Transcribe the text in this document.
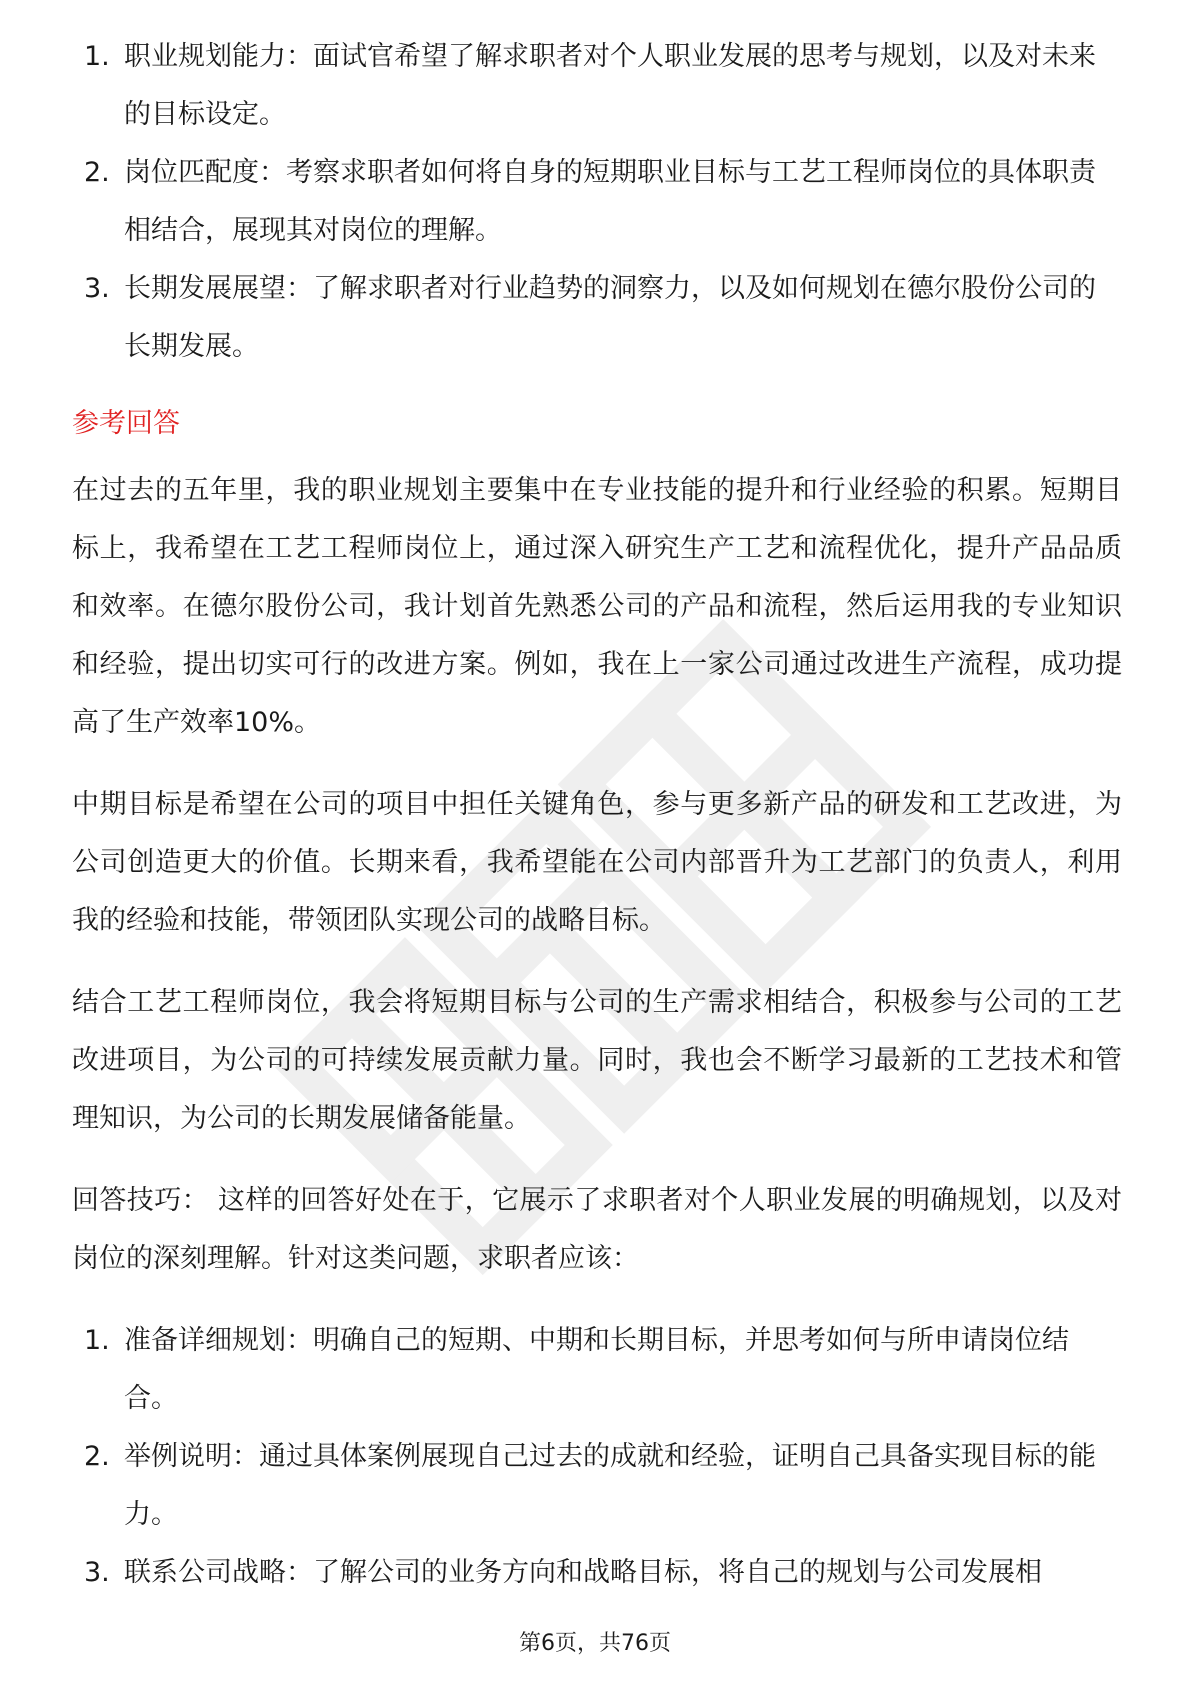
1. 职业规划能力：面试官希望了解求职者对个人职业发展的思考与规划，以及对未来的目标设定。
2. 岗位匹配度：考察求职者如何将自身的短期职业目标与工艺工程师岗位的具体职责相结合，展现其对岗位的理解。
3. 长期发展展望：了解求职者对行业趋势的洞察力，以及如何规划在德尔股份公司的长期发展。
参考回答

在过去的五年里，我的职业规划主要集中在专业技能的提升和行业经验的积累。短期目标上，我希望在工艺工程师岗位上，通过深入研究生产工艺和流程优化，提升产品品质和效率。在德尔股份公司，我计划首先熟悉公司的产品和流程，然后运用我的专业知识和经验，提出切实可行的改进方案。例如，我在上一家公司通过改进生产流程，成功提高了生产效率10%。

中期目标是希望在公司的项目中担任关键角色，参与更多新产品的研发和工艺改进，为公司创造更大的价值。长期来看，我希望能在公司内部晋升为工艺部门的负责人，利用我的经验和技能，带领团队实现公司的战略目标。

结合工艺工程师岗位，我会将短期目标与公司的生产需求相结合，积极参与公司的工艺改进项目，为公司的可持续发展贡献力量。同时，我也会不断学习最新的工艺技术和管理知识，为公司的长期发展储备能量。

回答技巧： 这样的回答好处在于，它展示了求职者对个人职业发展的明确规划，以及对岗位的深刻理解。针对这类问题，求职者应该：

1. 准备详细规划：明确自己的短期、中期和长期目标，并思考如何与所申请岗位结合。
2. 举例说明：通过具体案例展现自己过去的成就和经验，证明自己具备实现目标的能力。
3. 联系公司战略：了解公司的业务方向和战略目标，将自己的规划与公司发展相
第6页，共76页
